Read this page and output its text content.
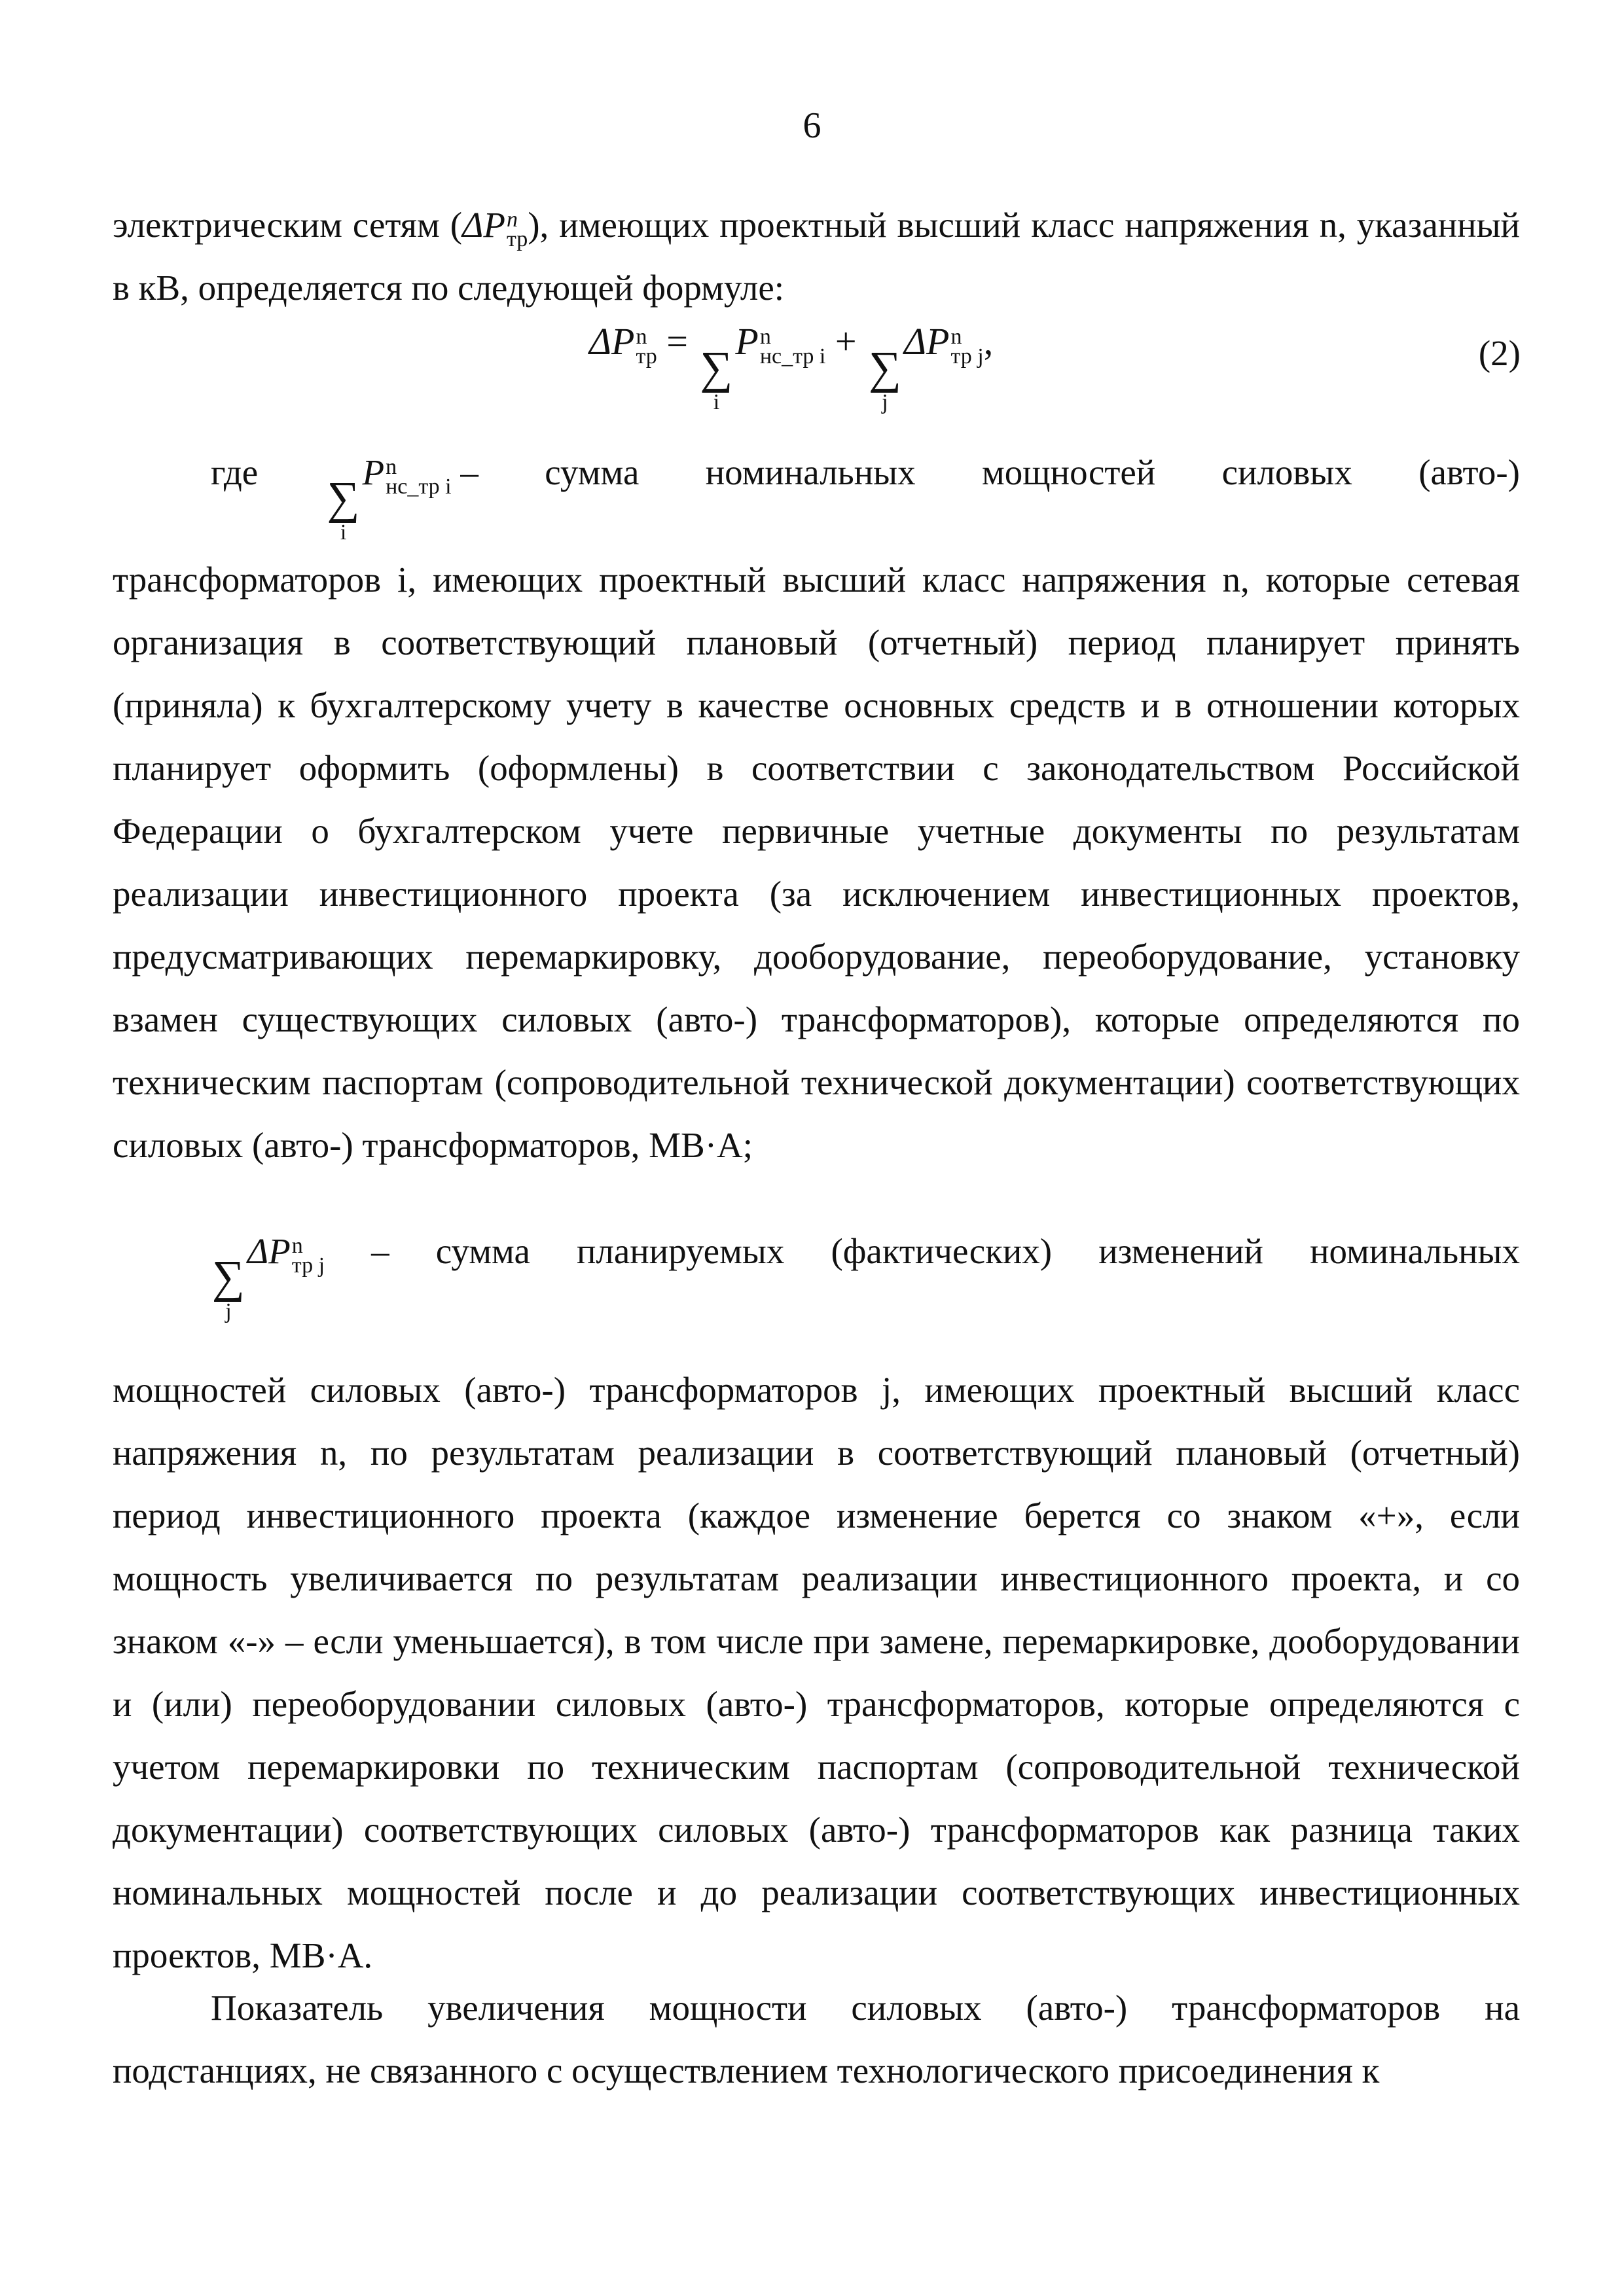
6

электрическим сетям (ΔP n
тр ), имеющих проектный высший класс напряжения n, указанный в кВ, определяется по следующей формуле:

ΔP n
тр =
∑
i
P n
нс_тр i +
∑
j
ΔP n
тр j ,	(2)
где
∑
i
P n
нс_тр i – сумма номинальных мощностей силовых (авто-)

трансформаторов i, имеющих проектный высший класс напряжения n, которые сетевая организация в соответствующий плановый (отчетный) период планирует принять (приняла) к бухгалтерскому учету в качестве основных средств и в отношении которых планирует оформить (оформлены) в соответствии с законодательством Российской Федерации о бухгалтерском учете первичные учетные документы по результатам реализации инвестиционного проекта (за исключением инвестиционных проектов, предусматривающих перемаркировку, дооборудование, переоборудование, установку взамен существующих силовых (авто-) трансформаторов), которые определяются по техническим паспортам (сопроводительной технической документации) соответствующих силовых (авто-) трансформаторов, МВ·А;

∑
j
ΔP n
тр j – сумма планируемых (фактических) изменений номинальных

мощностей силовых (авто-) трансформаторов j, имеющих проектный высший класс напряжения n, по результатам реализации в соответствующий плановый (отчетный) период инвестиционного проекта (каждое изменение берется со знаком «+», если мощность увеличивается по результатам реализации инвестиционного проекта, и со знаком «-» – если уменьшается), в том числе при замене, перемаркировке, дооборудовании и (или) переоборудовании силовых (авто-) трансформаторов, которые определяются с учетом перемаркировки по техническим паспортам (сопроводительной технической документации) соответствующих силовых (авто-) трансформаторов как разница таких номинальных мощностей после и до реализации соответствующих инвестиционных проектов, МВ·А.

Показатель увеличения мощности силовых (авто-) трансформаторов на подстанциях, не связанного с осуществлением технологического присоединения к
